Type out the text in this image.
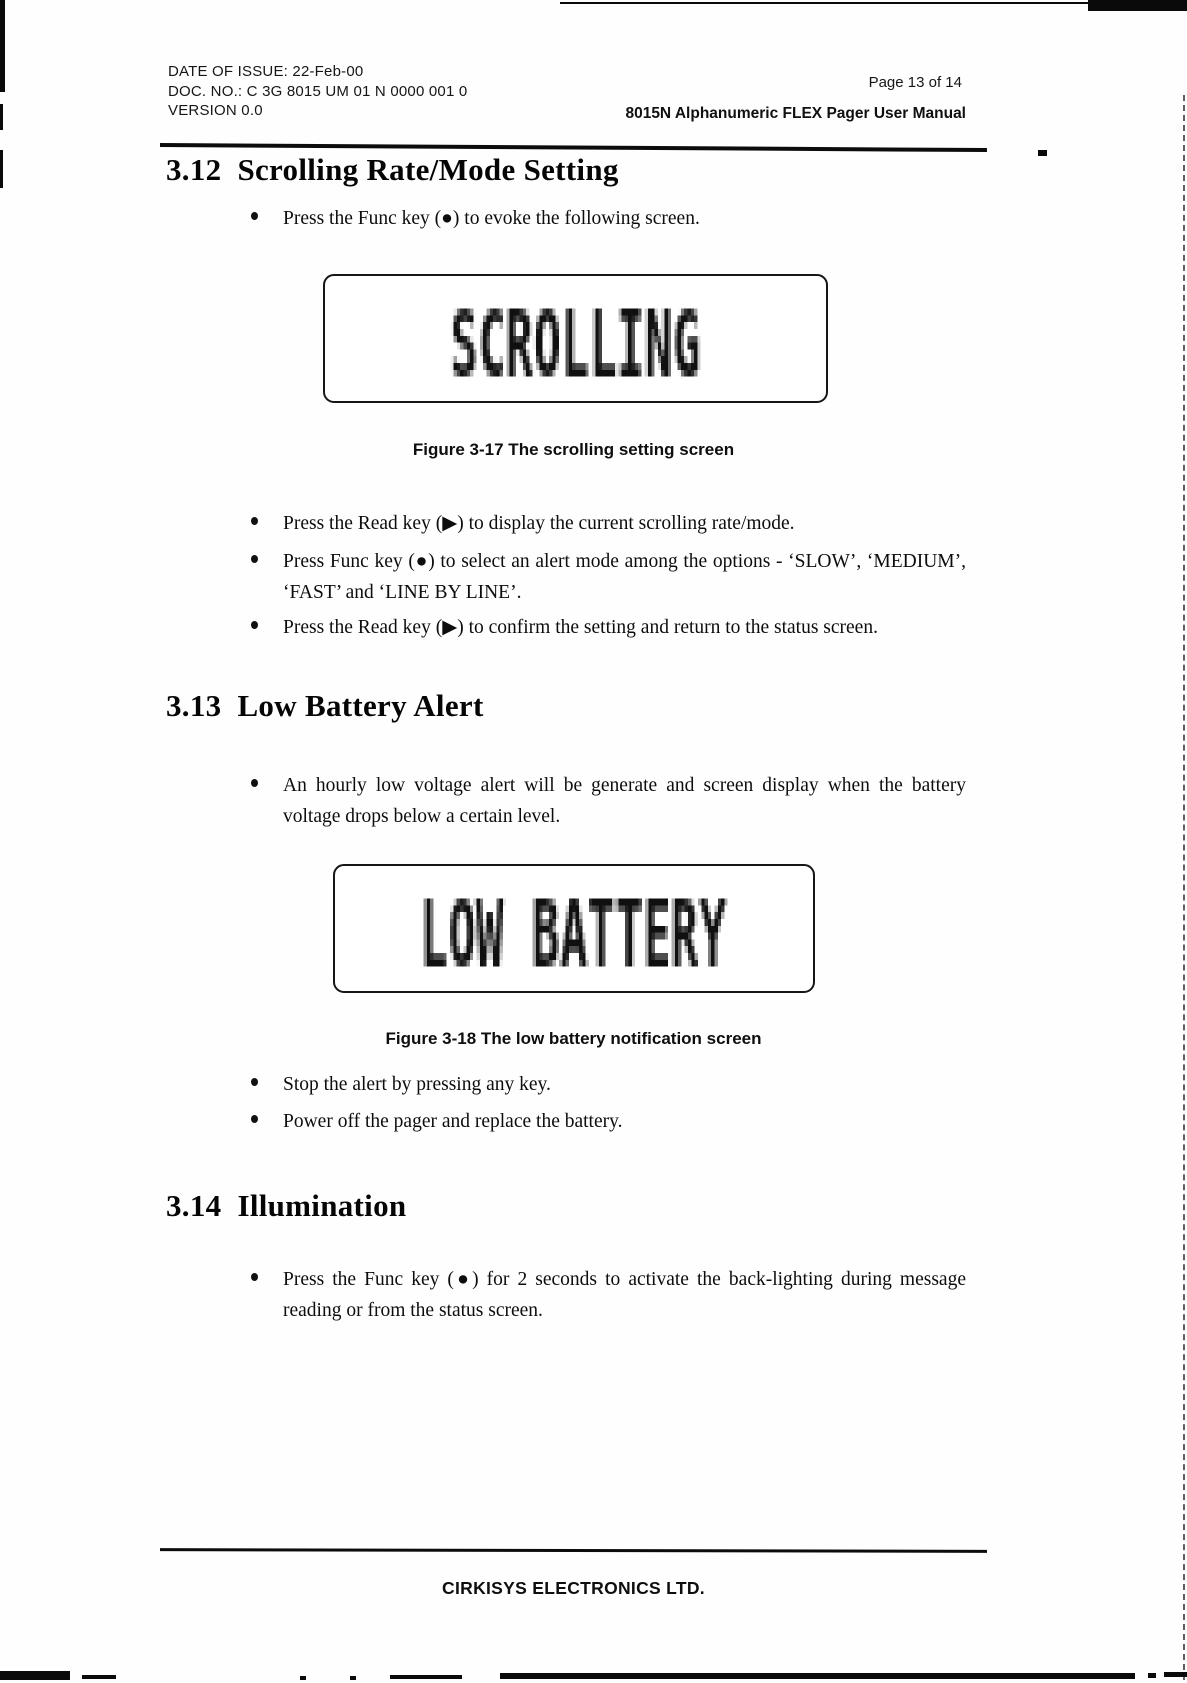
DATE OF ISSUE: 22-Feb-00
DOC. NO.: C 3G 8015 UM 01 N 0000 001 0
VERSION 0.0
Page 13 of 14
8015N Alphanumeric FLEX Pager User Manual
3.12 Scrolling Rate/Mode Setting
Press the Func key (●) to evoke the following screen.
Figure 3-17 The scrolling setting screen
Press the Read key (▶) to display the current scrolling rate/mode.
Press Func key (●) to select an alert mode among the options - ‘SLOW’, ‘MEDIUM’, ‘FAST’ and ‘LINE BY LINE’.
Press the Read key (▶) to confirm the setting and return to the status screen.
3.13 Low Battery Alert
An hourly low voltage alert will be generate and screen display when the battery voltage drops below a certain level.
Figure 3-18 The low battery notification screen
Stop the alert by pressing any key.
Power off the pager and replace the battery.
3.14 Illumination
Press the Func key (●) for 2 seconds to activate the back-lighting during message reading or from the status screen.
CIRKISYS ELECTRONICS LTD.
